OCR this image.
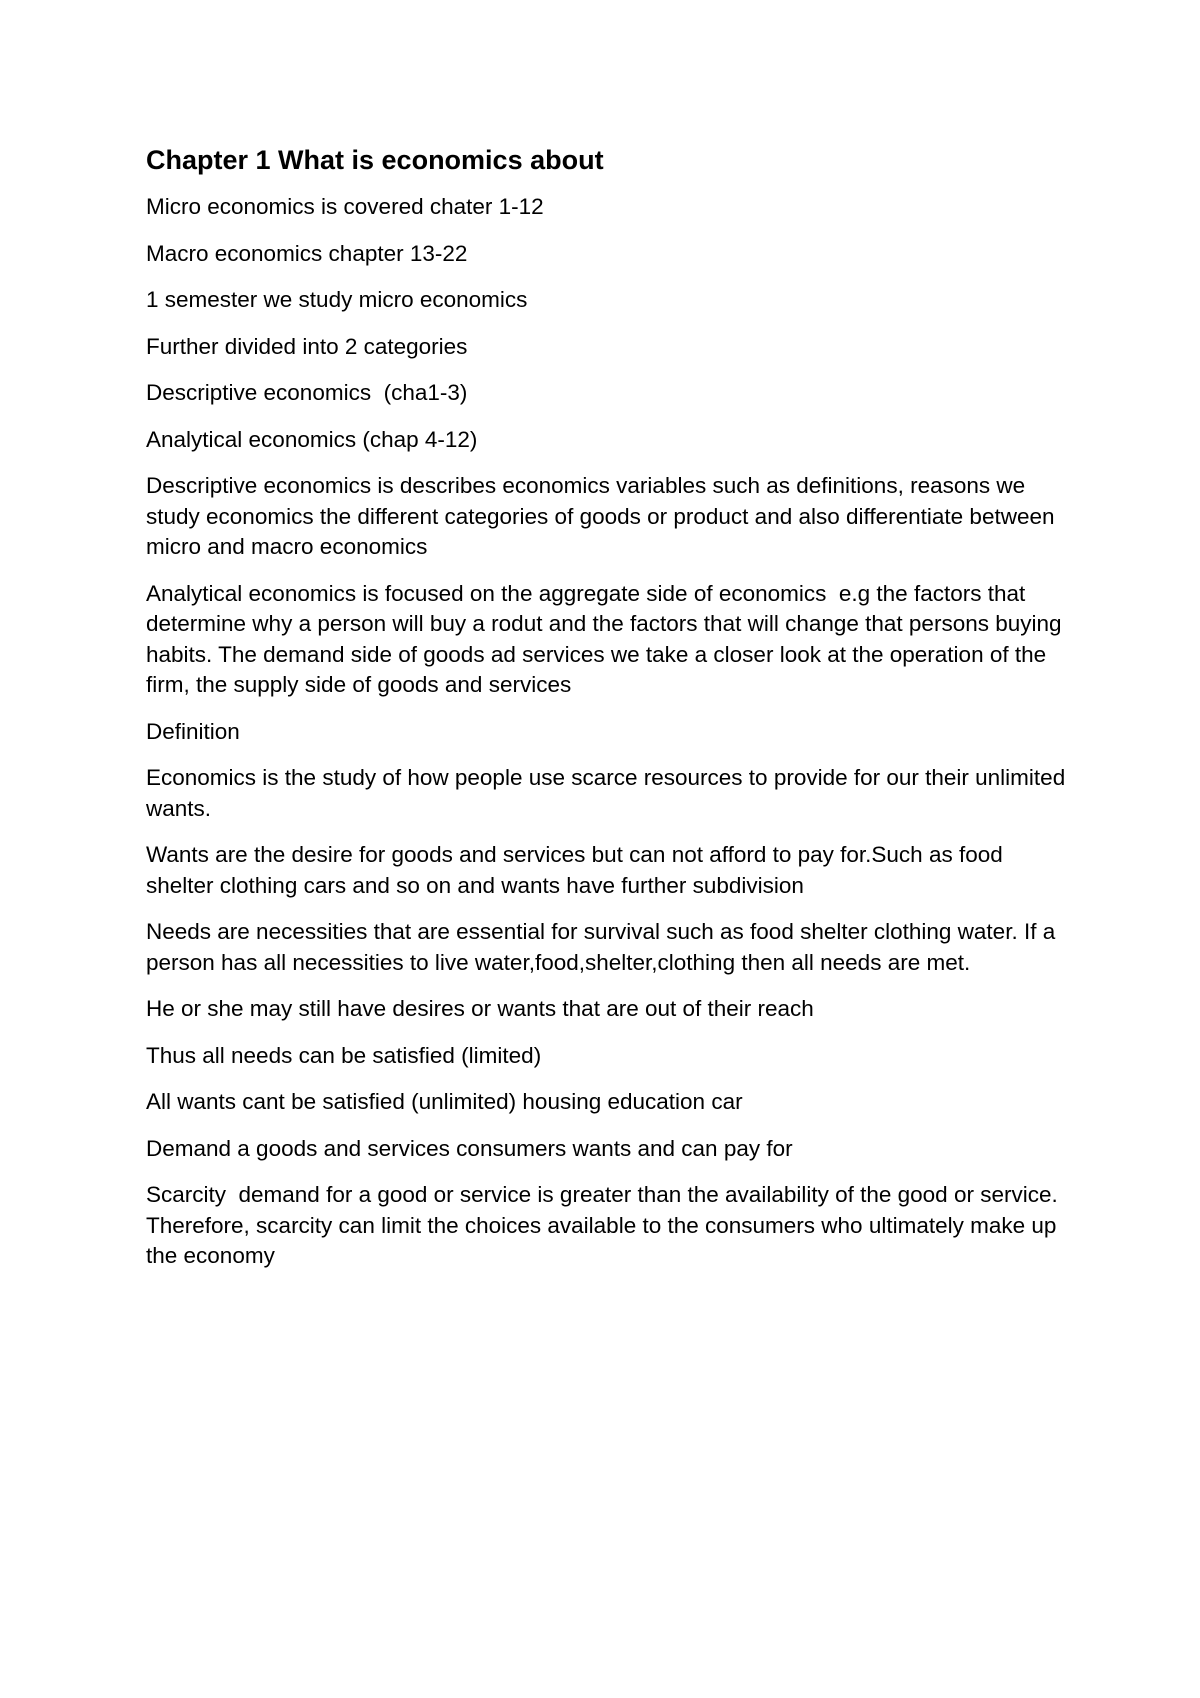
Chapter 1 What is economics about

Micro economics is covered chater 1-12

Macro economics chapter 13-22

1 semester we study micro economics

Further divided into 2 categories

Descriptive economics  (cha1-3)

Analytical economics (chap 4-12)

Descriptive economics is describes economics variables such as definitions, reasons we study economics the different categories of goods or product and also differentiate between micro and macro economics

Analytical economics is focused on the aggregate side of economics  e.g the factors that determine why a person will buy a rodut and the factors that will change that persons buying habits. The demand side of goods ad services we take a closer look at the operation of the firm, the supply side of goods and services

Definition

Economics is the study of how people use scarce resources to provide for our their unlimited wants.

Wants are the desire for goods and services but can not afford to pay for.Such as food shelter clothing cars and so on and wants have further subdivision

Needs are necessities that are essential for survival such as food shelter clothing water. If a person has all necessities to live water,food,shelter,clothing then all needs are met.

He or she may still have desires or wants that are out of their reach

Thus all needs can be satisfied (limited)

All wants cant be satisfied (unlimited) housing education car

Demand a goods and services consumers wants and can pay for

Scarcity  demand for a good or service is greater than the availability of the good or service. Therefore, scarcity can limit the choices available to the consumers who ultimately make up the economy
